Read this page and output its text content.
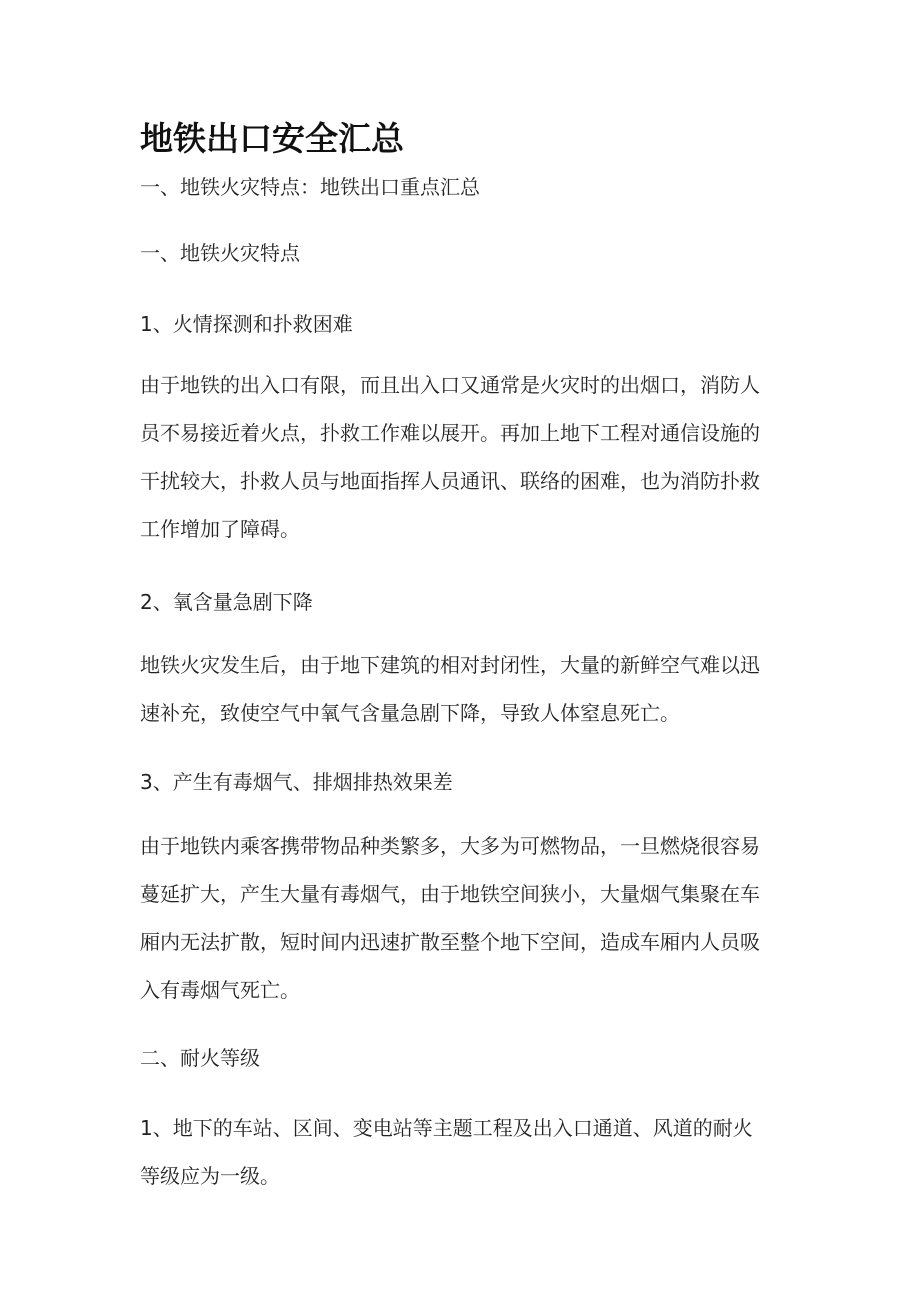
地铁出口安全汇总

一、地铁火灾特点：地铁出口重点汇总

一、地铁火灾特点

1、火情探测和扑救困难

由于地铁的出入口有限，而且出入口又通常是火灾时的出烟口，消防人
员不易接近着火点，扑救工作难以展开。再加上地下工程对通信设施的
干扰较大，扑救人员与地面指挥人员通讯、联络的困难，也为消防扑救
工作增加了障碍。

2、氧含量急剧下降

地铁火灾发生后，由于地下建筑的相对封闭性，大量的新鲜空气难以迅
速补充，致使空气中氧气含量急剧下降，导致人体窒息死亡。

3、产生有毒烟气、排烟排热效果差

由于地铁内乘客携带物品种类繁多，大多为可燃物品，一旦燃烧很容易
蔓延扩大，产生大量有毒烟气，由于地铁空间狭小，大量烟气集聚在车
厢内无法扩散，短时间内迅速扩散至整个地下空间，造成车厢内人员吸
入有毒烟气死亡。

二、耐火等级

1、地下的车站、区间、变电站等主题工程及出入口通道、风道的耐火
等级应为一级。
